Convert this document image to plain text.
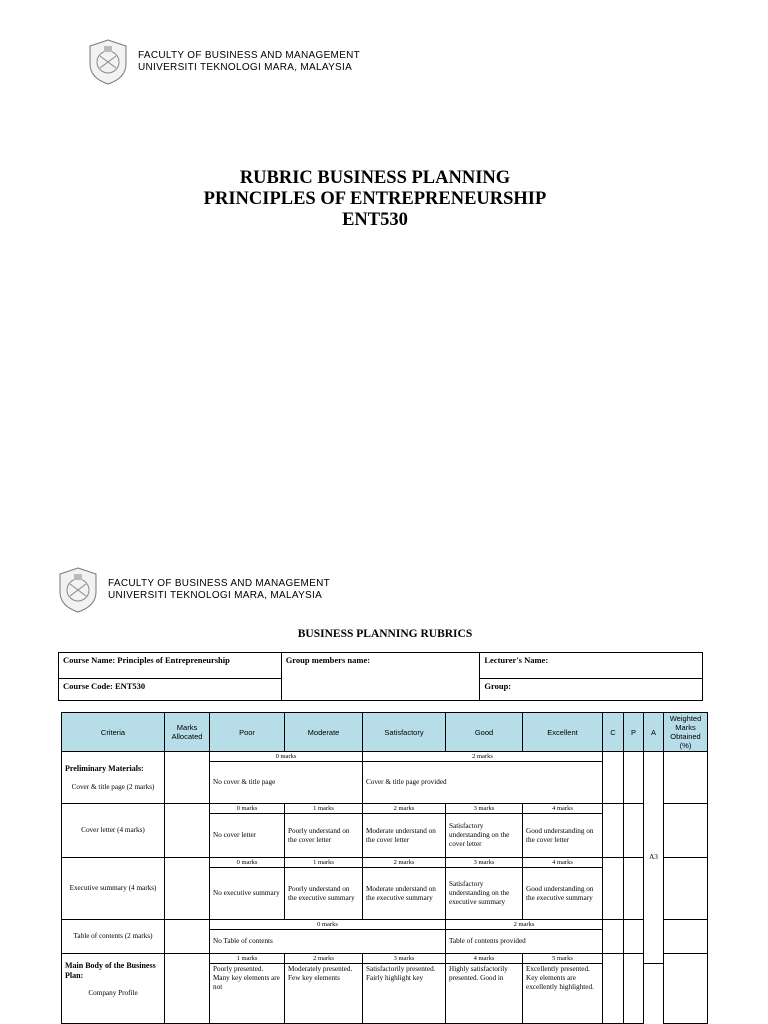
FACULTY OF BUSINESS AND MANAGEMENT
UNIVERSITI TEKNOLOGI MARA, MALAYSIA
RUBRIC BUSINESS PLANNING
PRINCIPLES OF ENTREPRENEURSHIP
ENT530
FACULTY OF BUSINESS AND MANAGEMENT
UNIVERSITI TEKNOLOGI MARA, MALAYSIA
BUSINESS PLANNING RUBRICS
Course Name: Principles of Entrepreneurship	Group members name:	Lecturer's Name:
Course Code: ENT530		Group:
Criteria	Marks Allocated	Poor	Moderate	Satisfactory	Good	Excellent	C	P	A	Weighted Marks Obtained (%)

Preliminary Materials:
Cover & title page (2 marks)		0 marks		2 marks					A3	
		No cover & title page		Cover & title page provided						
Cover letter (4 marks)		0 marks	1 marks	2 marks	3 marks	4 marks				
		No cover letter	Poorly understand on the cover letter	Moderate understand on the cover letter	Satisfactory understanding on the cover letter	Good understanding on the cover letter				
Executive summary (4 marks)		0 marks	1 marks	2 marks	3 marks	4 marks				
		No executive summary	Poorly understand on the executive summary	Moderate understand on the executive summary	Satisfactory understanding on the executive summary	Good understanding on the executive summary				
Table of contents (2 marks)		0 marks			2 marks					
		No Table of contents			Table of contents provided					

Main Body of the Business Plan:
Company Profile		1 marks	2 marks	3 marks	4 marks	5 marks				
		Poorly presented. Many key elements are not	Moderately presented. Few key elements	Satisfactorily presented. Fairly highlight key	Highly satisfactorily presented. Good in	Excellently presented. Key elements are excellently highlighted.				
